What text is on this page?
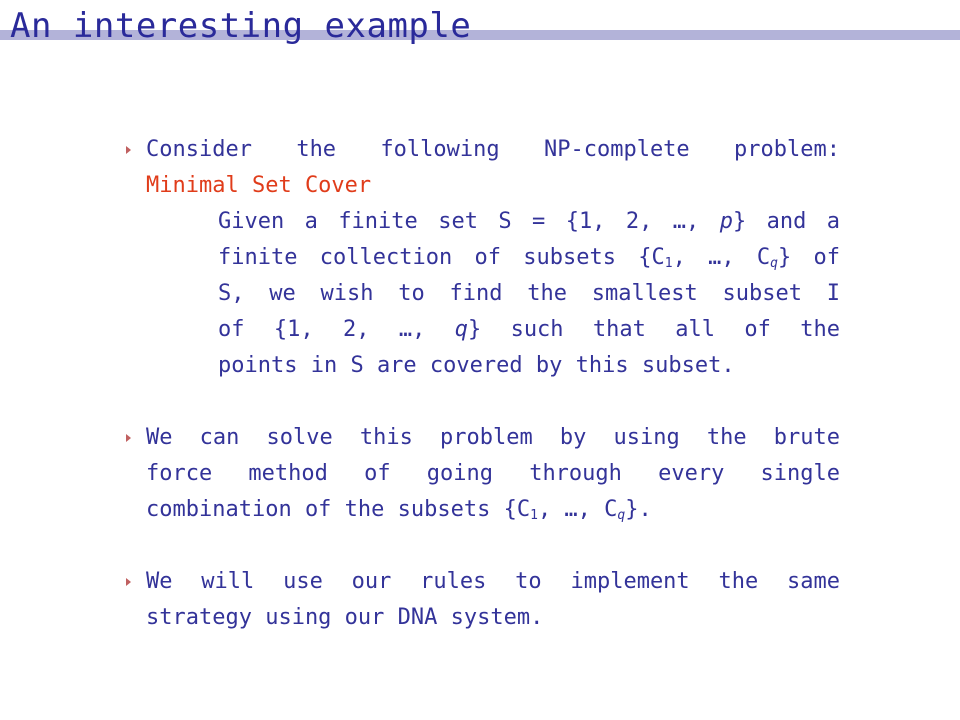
An interesting example
Consider the following NP-complete problem:
Minimal Set Cover
Given a finite set S = {1, 2, …, p} and a
finite collection of subsets {$C_1$, …, $C_q$} of
S, we wish to find the smallest subset I
of {1, 2, …, q} such that all of the
points in S are covered by this subset.
We can solve this problem by using the brute
force method of going through every single
combination of the subsets {$C_1$, …, $C_q$}.
We will use our rules to implement the same
strategy using our DNA system.
